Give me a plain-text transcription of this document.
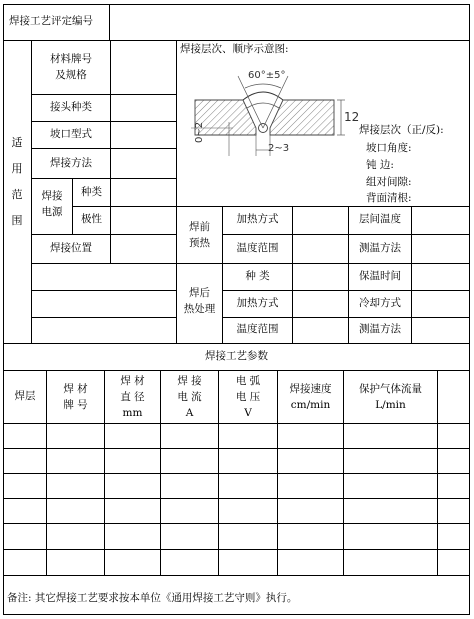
焊接工艺评定编号
适用范围
材料牌号
及规格
接头种类
坡口型式
焊接方法
焊接
电源
种类
极性
焊接位置
焊接层次、顺序示意图:
60°±5°
12
2~3
0~2	焊接层次（正/反):
坡口角度:
钝 边:
组对间隙:
背面清根:
焊前
预热
加热方式
温度范围
层间温度
测温方法
焊后
热处理
种 类
加热方式
温度范围
保温时间
冷却方式
测温方法
焊接工艺参数
焊层
焊 材
牌 号
焊 材
直 径
mm
焊 接
电 流
A
电 弧
电 压
V
焊接速度
cm/min
保护气体流量
L/min
备注: 其它焊接工艺要求按本单位《通用焊接工艺守则》执行。
